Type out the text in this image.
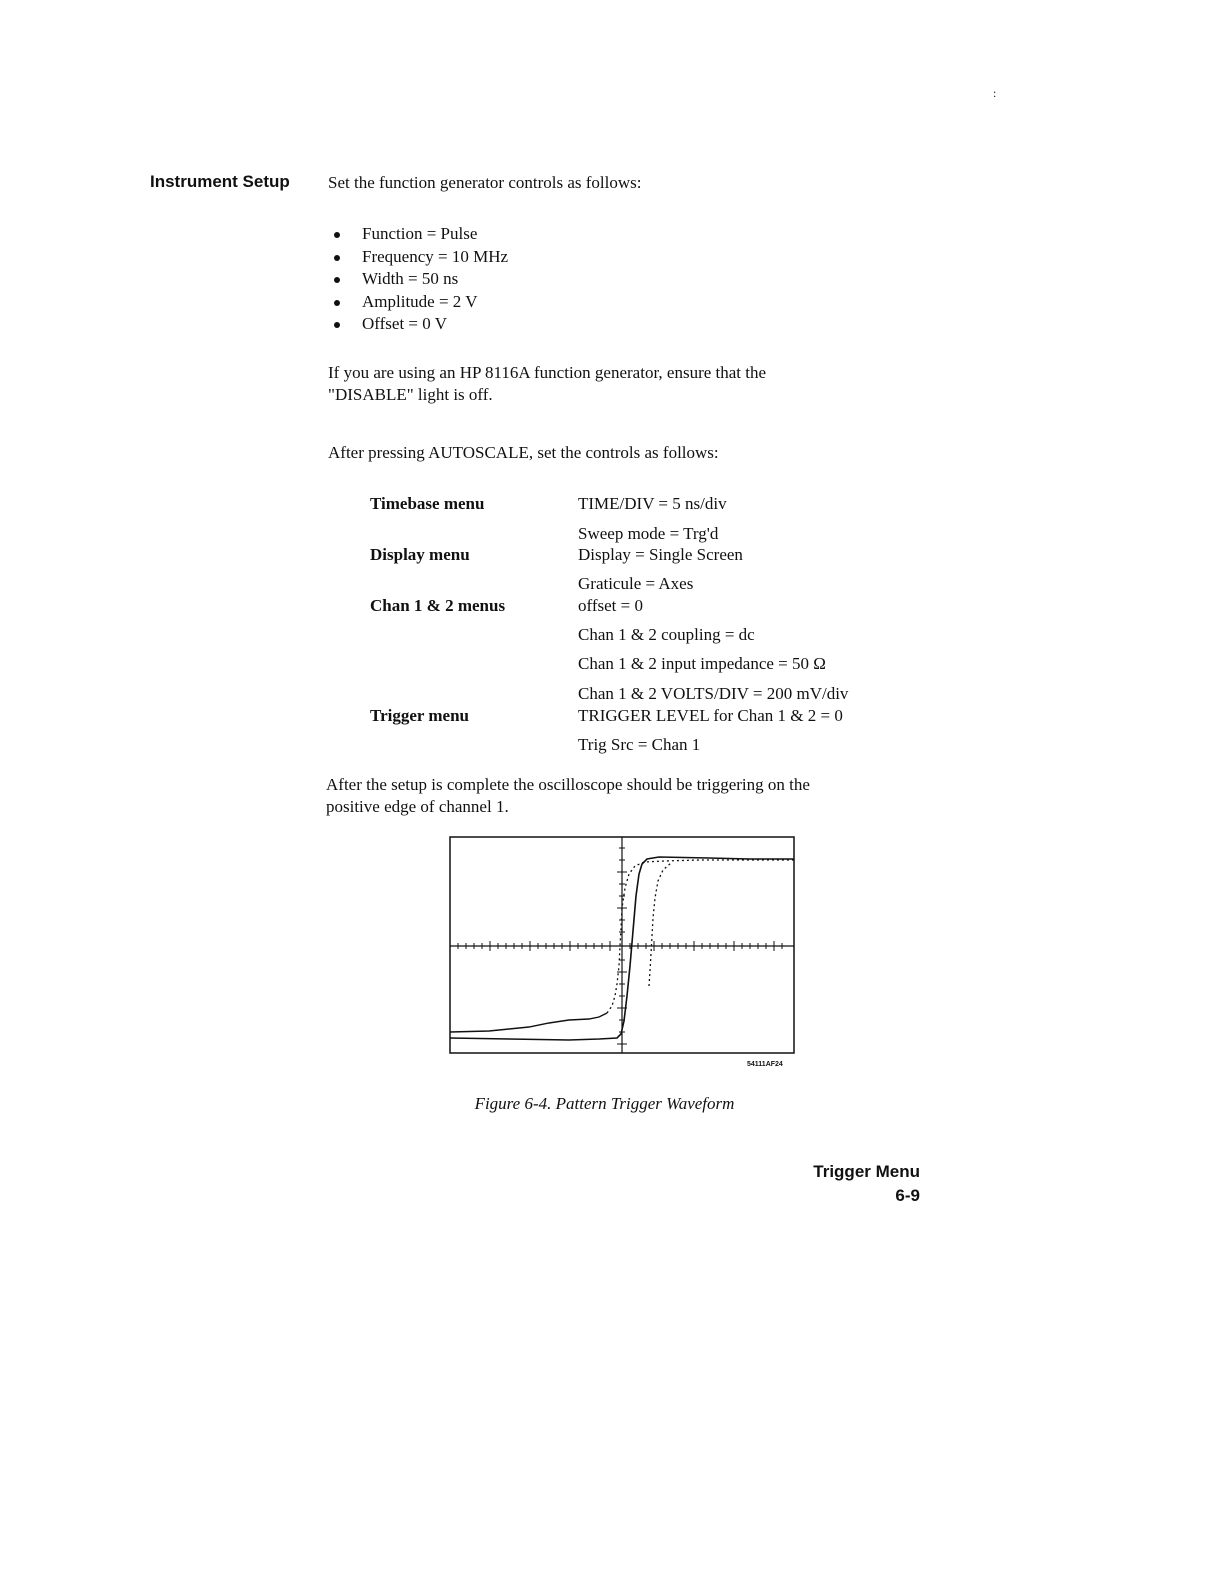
:
Instrument Setup Set the function generator controls as follows:
Function = Pulse
Frequency = 10 MHz
Width = 50 ns
Amplitude = 2 V
Offset = 0 V
If you are using an HP 8116A function generator, ensure that the
"DISABLE" light is off.
After pressing AUTOSCALE, set the controls as follows:
Timebase menu
Display menu
Chan 1 & 2 menus
Trigger menu
TIME/DIV = 5 ns/div
Sweep mode = Trg'd
Display = Single Screen
Graticule = Axes
offset = 0
Chan 1 & 2 coupling = dc
Chan 1 & 2 input impedance = 50 Ω
Chan 1 & 2 VOLTS/DIV = 200 mV/div
TRIGGER LEVEL for Chan 1 & 2 = 0
Trig Src = Chan 1
After the setup is complete the oscilloscope should be triggering on the
positive edge of channel 1.
54111AF24
Figure 6-4. Pattern Trigger Waveform
Trigger Menu
6-9
